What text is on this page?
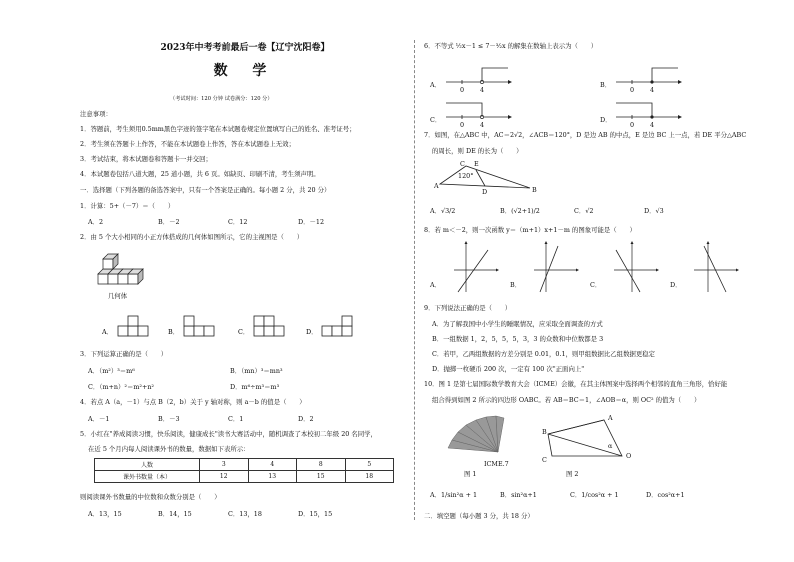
2023年中考考前最后一卷【辽宁沈阳卷】
数 学
（考试时间：120 分钟 试卷满分：120 分）
注意事项：
1．答题前，考生须用0.5mm黑色字迹的签字笔在本试题卷规定位置填写自己的姓名、准考证号；
2．考生须在答题卡上作答，不能在本试题卷上作答，答在本试题卷上无效；
3．考试结束，将本试题卷和答题卡一并交回；
4．本试题卷包括八道大题，25 道小题，共 6 页。如缺页、印刷不清，考生须声明。
一．选择题（下列各题的备选答案中，只有一个答案是正确的。每小题 2 分，共 20 分）
1．计算：5+（－7）＝（　　）
A．2	B．－2	C．12	D．－12
2．由 5 个大小相同的小正方体搭成的几何体如图所示，它的主视图是（　　）
几何体
A．	B．	C．	D．
3．下列运算正确的是（　　）
A．（m²）³＝m⁶	B．（mn）³＝mn³
C．（m+n）²＝m²+n²	D．m⁶÷m³＝m³
4．若点 A（a，－1）与点 B（2，b）关于 y 轴对称，则 a－b 的值是（　　）
A．－1	B．－3	C．1	D．2
5．小红在"养成阅读习惯，快乐阅读，健康成长"读书大赛活动中，随机调查了本校初二年级 20 名同学，
在近 5 个月内每人阅读课外书的数量，数据如下表所示：
人数	3	4	8	5
课外书数量（本）	12	13	15	18
则阅读课外书数量的中位数和众数分别是（　　）
A．13，15	B．14，15	C．13，18	D．15，15
6．不等式 ½x－1 ≤ 7－³⁄₂x 的解集在数轴上表示为（　　）
A．
0 4
B．
0 4
C．
0 4
D．
0 4
7．如图，在△ABC 中，AC＝2√2，∠ACB＝120°，D 是边 AB 的中点，E 是边 BC 上一点，若 DE 平分△ABC
的周长，则 DE 的长为（　　）
C E
120°
A
D	B
A．√3/2	B．(√2+1)/2	C．√2	D．√3
8．若 m＜－2，则一次函数 y＝（m+1）x+1－m 的图象可能是（　　）
A．	B．	C．	D．
9．下列说法正确的是（　　）
A．为了解我国中小学生的睡眠情况，应采取全面调查的方式
B．一组数据 1，2，5，5，5，3，3 的众数和中位数都是 3
C．若甲，乙两组数据的方差分别是 0.01，0.1，则甲组数据比乙组数据更稳定
D．抛掷一枚硬币 200 次，一定有 100 次"正面向上"
10．图 1 是第七届国际数学教育大会（ICME）会徽，在其主体图案中选择两个相邻的直角三角形，恰好能
组合得到如图 2 所示的四边形 OABC。若 AB＝BC＝1，∠AOB＝α，则 OC² 的值为（　　）
ICME.7
图 1
B
A
C	O
α
图 2
A．1/sin²α + 1	B．sin²α+1	C．1/cos²α + 1	D．cos²α+1
二．填空题（每小题 3 分，共 18 分）
